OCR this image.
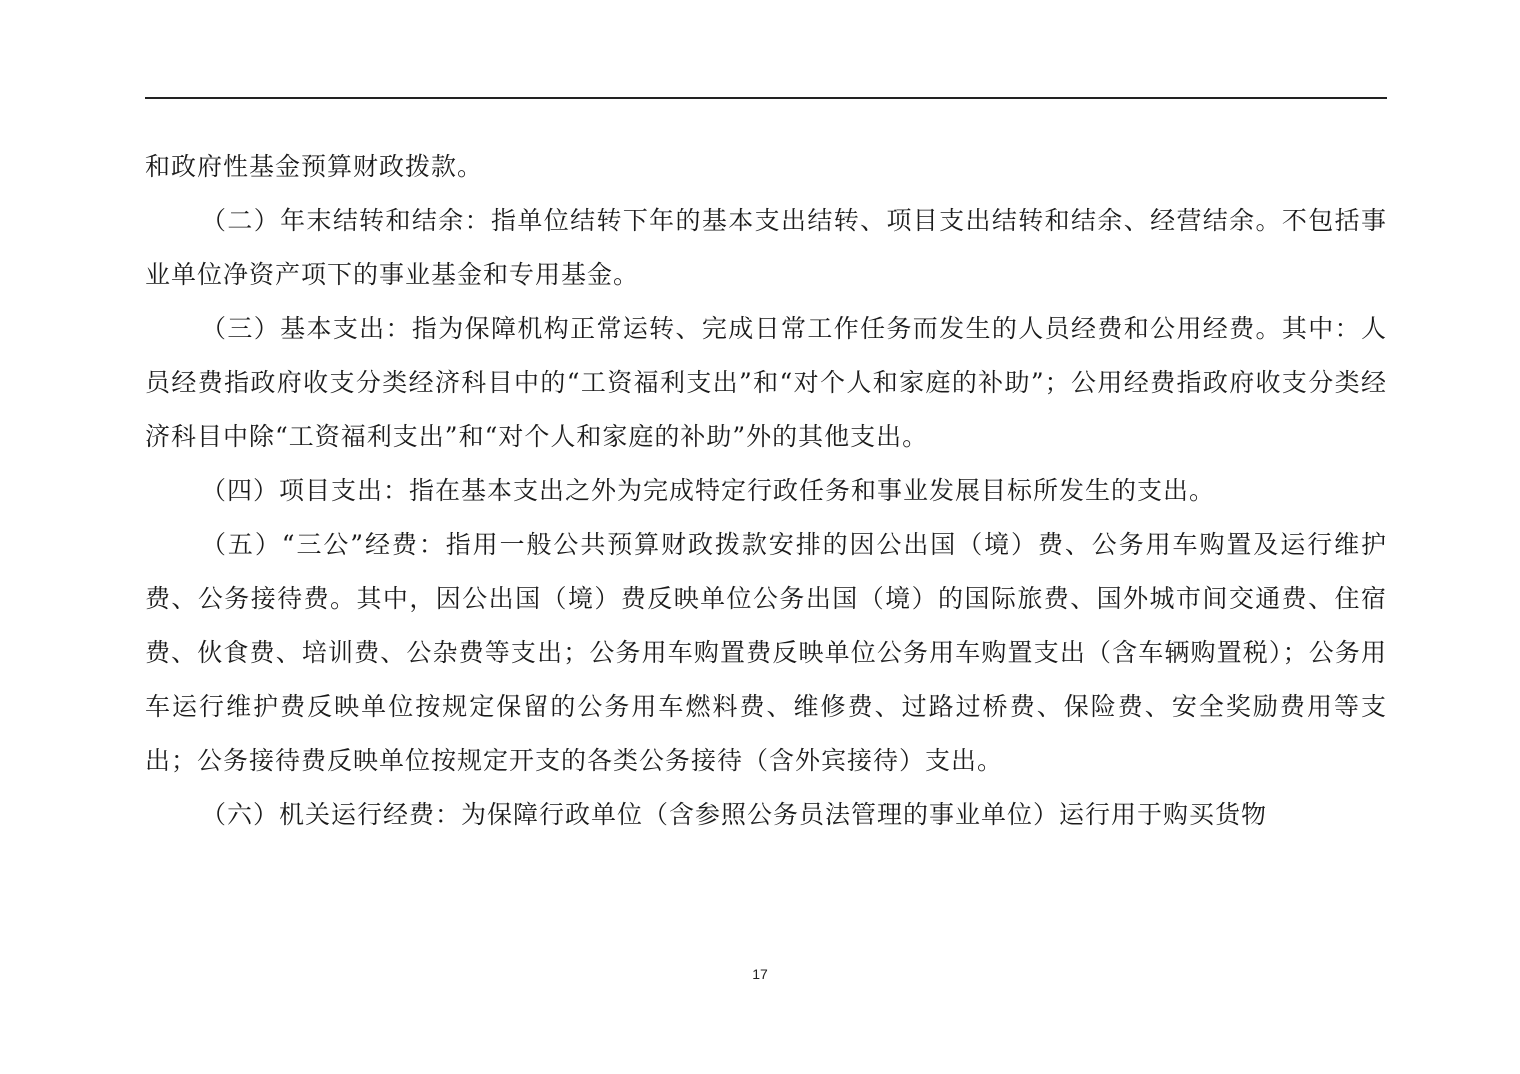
和政府性基金预算财政拨款。

（二）年末结转和结余：指单位结转下年的基本支出结转、项目支出结转和结余、经营结余。不包括事业单位净资产项下的事业基金和专用基金。

（三）基本支出：指为保障机构正常运转、完成日常工作任务而发生的人员经费和公用经费。其中：人员经费指政府收支分类经济科目中的“工资福利支出”和“对个人和家庭的补助”；公用经费指政府收支分类经济科目中除“工资福利支出”和“对个人和家庭的补助”外的其他支出。

（四）项目支出：指在基本支出之外为完成特定行政任务和事业发展目标所发生的支出。

（五）“三公”经费：指用一般公共预算财政拨款安排的因公出国（境）费、公务用车购置及运行维护费、公务接待费。其中，因公出国（境）费反映单位公务出国（境）的国际旅费、国外城市间交通费、住宿费、伙食费、培训费、公杂费等支出；公务用车购置费反映单位公务用车购置支出（含车辆购置税）；公务用车运行维护费反映单位按规定保留的公务用车燃料费、维修费、过路过桥费、保险费、安全奖励费用等支出；公务接待费反映单位按规定开支的各类公务接待（含外宾接待）支出。

（六）机关运行经费：为保障行政单位（含参照公务员法管理的事业单位）运行用于购买货物

17
